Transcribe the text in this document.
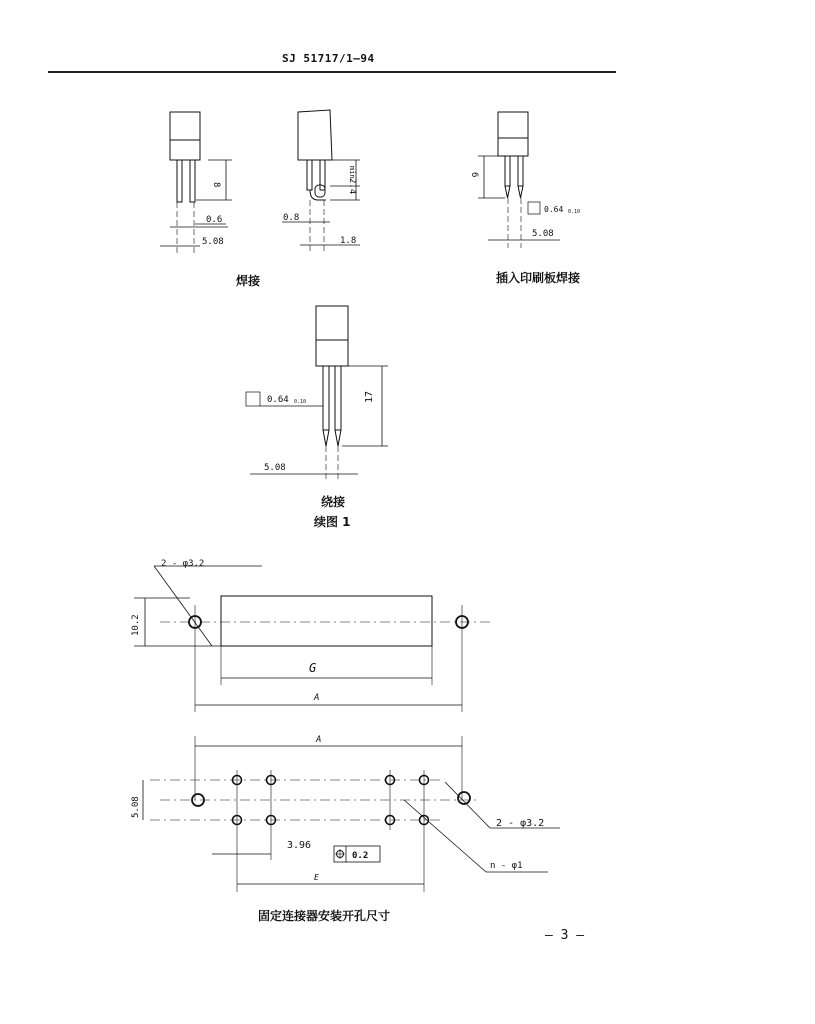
SJ 51717/1—94
8
0.6
5.08
min
2.4
0.8
1.8
6
0.64 0.10
5.08
焊接	插入印刷板焊接
0.64 0.10	17
5.08
绕接
续图 1
2 - φ3.2
10.2
G
A
A
5.08
2 - φ3.2
3.96
0.2
n - φ1
E
固定连接器安装开孔尺寸
— 3 —
